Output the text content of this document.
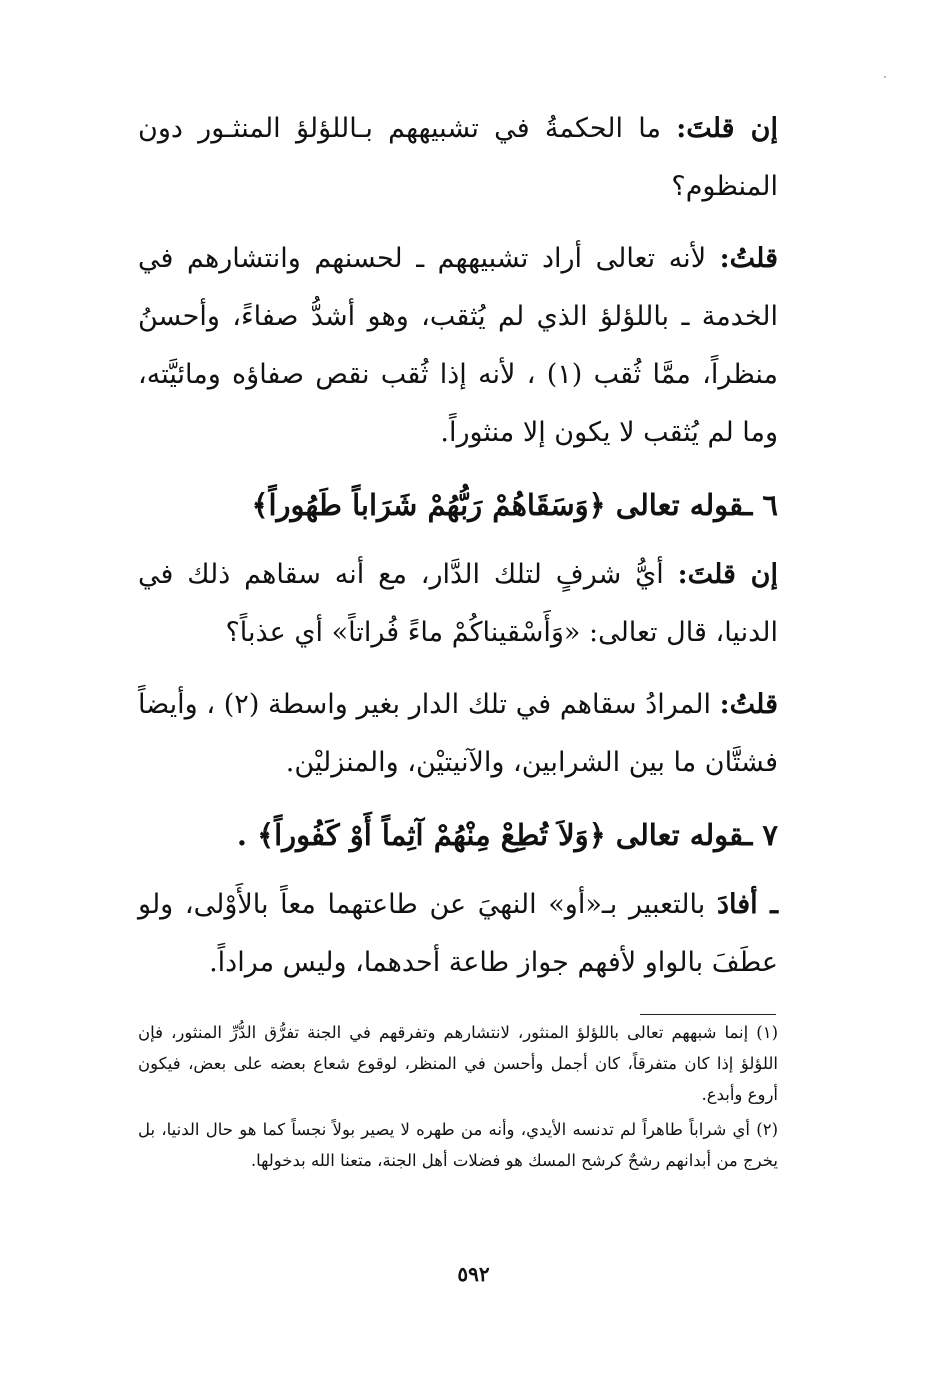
إن قلتَ: ما الحكمةُ في تشبيههم بـاللؤلؤ المنثـور دون المنظوم؟

قلتُ: لأنه تعالى أراد تشبيههم ـ لحسنهم وانتشارهم في الخدمة ـ باللؤلؤ الذي لم يُثقب، وهو أشدُّ صفاءً، وأحسنُ منظراً، ممَّا ثُقب (١) ، لأنه إذا ثُقب نقص صفاؤه ومائيَّته، وما لم يُثقب لا يكون إلا منثوراً.

٦ ـقوله تعالى ﴿وَسَقَاهُمْ رَبُّهُمْ شَرَاباً طَهُوراً﴾

إن قلتَ: أيُّ شرفٍ لتلك الدَّار، مع أنه سقاهم ذلك في الدنيا، قال تعالى: «وَأَسْقيناكُمْ ماءً فُراتاً» أي عذباً؟

قلتُ: المرادُ سقاهم في تلك الدار بغير واسطة (٢) ، وأيضاً فشتَّان ما بين الشرابين، والآنيتيْن، والمنزليْن.

٧ ـقوله تعالى ﴿وَلاَ تُطِعْ مِنْهُمْ آثِماً أَوْ كَفُوراً﴾ .

ـ أفادَ بالتعبير بـ«أو» النهيَ عن طاعتهما معاً بالأَوْلى، ولو عطَفَ بالواو لأفهم جواز طاعة أحدهما، وليس مراداً.

(١) إنما شبههم تعالى باللؤلؤ المنثور، لانتشارهم وتفرقهم في الجنة تفرُّق الدُّرِّ المنثور، فإن اللؤلؤ إذا كان متفرقاً، كان أجمل وأحسن في المنظر، لوقوع شعاع بعضه على بعض، فيكون أروع وأبدع.

(٢) أي شراباً طاهراً لم تدنسه الأيدي، وأنه من طهره لا يصير بولاً نجساً كما هو حال الدنيا، بل يخرج من أبدانهم رشحٌ كرشح المسك هو فضلات أهل الجنة، متعنا الله بدخولها.

٥٩٢
